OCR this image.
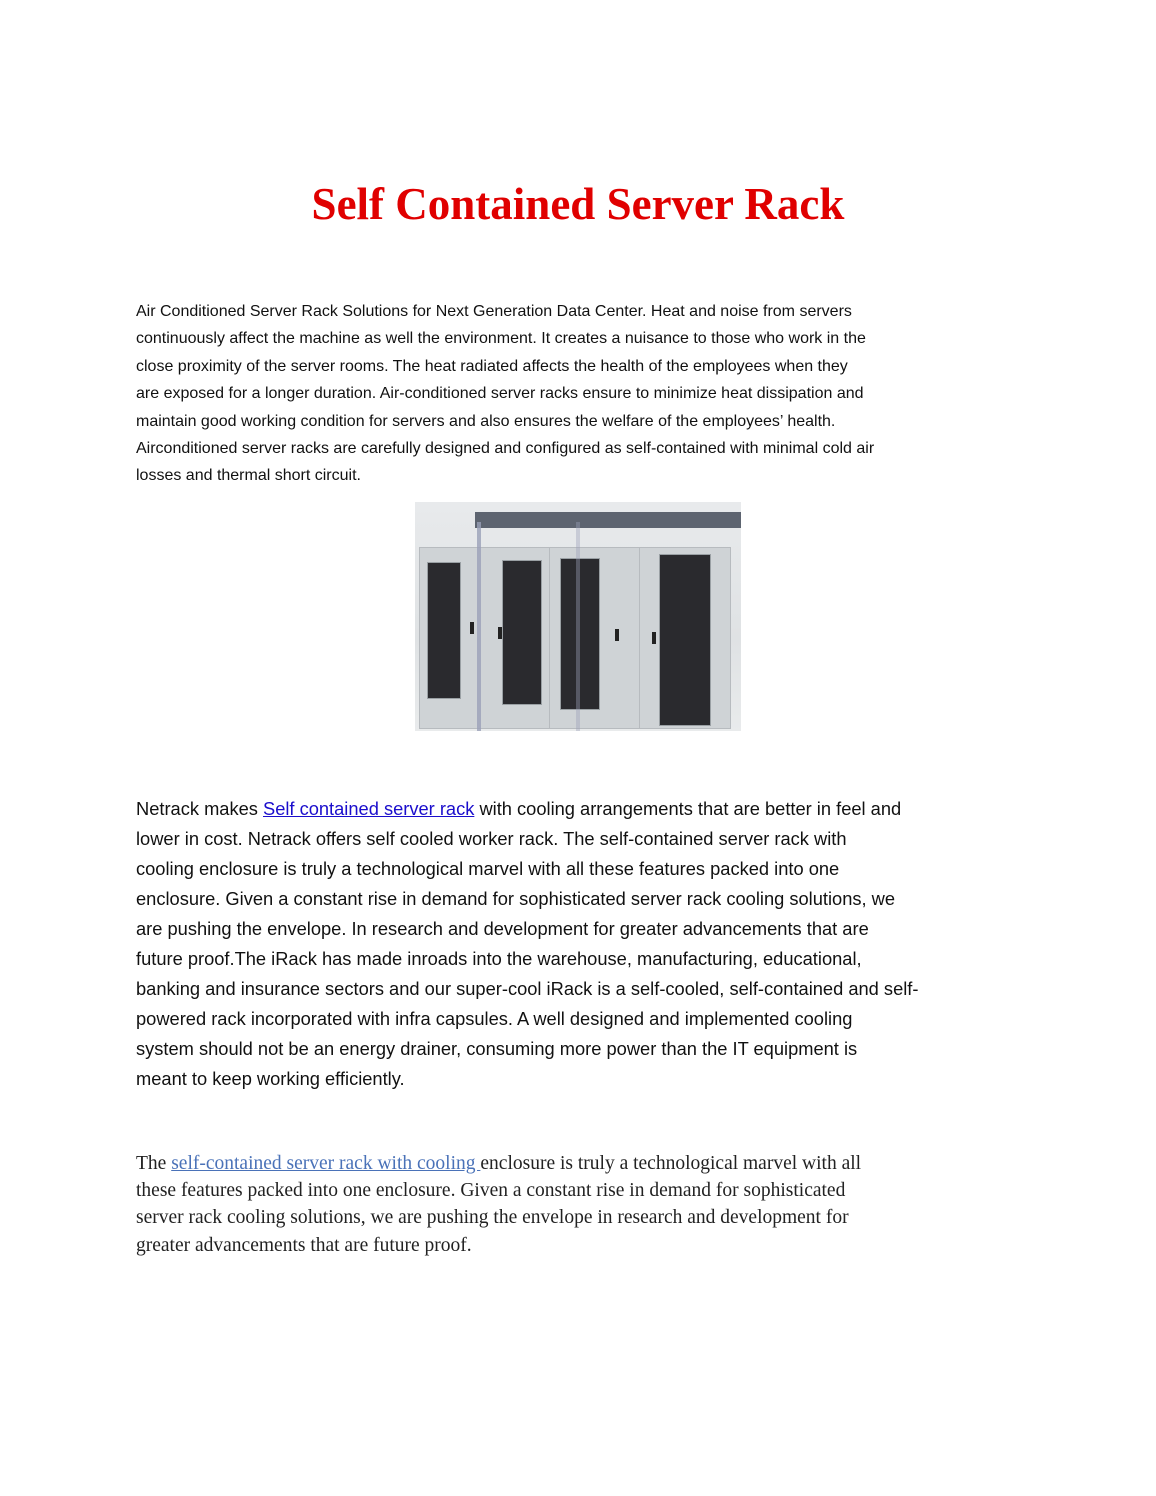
Self Contained Server Rack
Air Conditioned Server Rack Solutions for Next Generation Data Center. Heat and noise from servers
continuously affect the machine as well the environment. It creates a nuisance to those who work in the
close proximity of the server rooms. The heat radiated affects the health of the employees when they
are exposed for a longer duration. Air-conditioned server racks ensure to minimize heat dissipation and
maintain good working condition for servers and also ensures the welfare of the employees’ health.
Airconditioned server racks are carefully designed and configured as self-contained with minimal cold air
losses and thermal short circuit.
Netrack makes Self contained server rack with cooling arrangements that are better in feel and
lower in cost. Netrack offers self cooled worker rack. The self-contained server rack with
cooling enclosure is truly a technological marvel with all these features packed into one
enclosure. Given a constant rise in demand for sophisticated server rack cooling solutions, we
are pushing the envelope. In research and development for greater advancements that are
future proof.The iRack has made inroads into the warehouse, manufacturing, educational,
banking and insurance sectors and our super-cool iRack is a self-cooled, self-contained and self-
powered rack incorporated with infra capsules. A well designed and implemented cooling
system should not be an energy drainer, consuming more power than the IT equipment is
meant to keep working efficiently.
The self-contained server rack with cooling enclosure is truly a technological marvel with all
these features packed into one enclosure. Given a constant rise in demand for sophisticated
server rack cooling solutions, we are pushing the envelope in research and development for
greater advancements that are future proof.
